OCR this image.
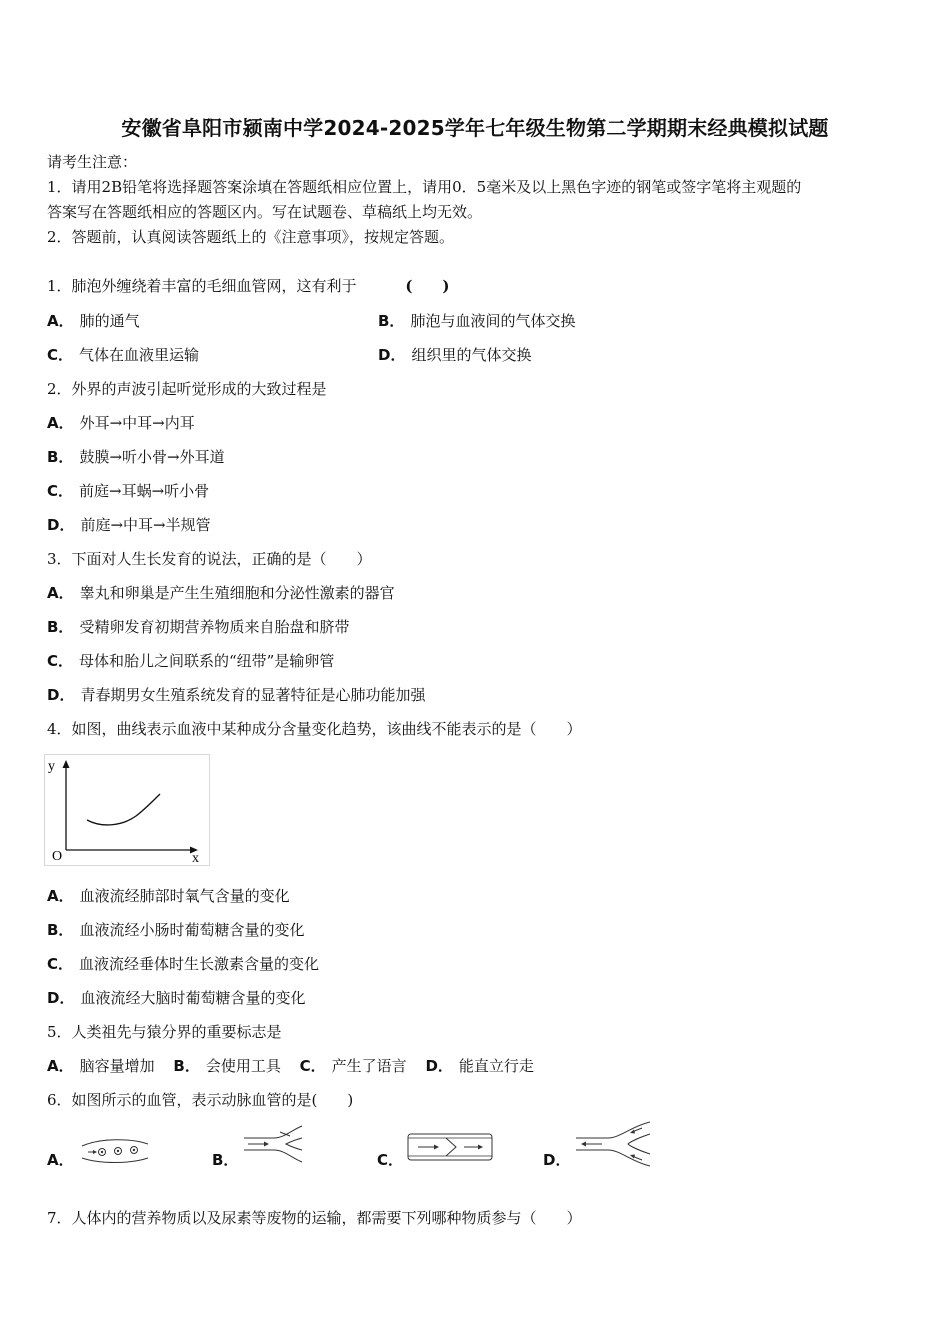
安徽省阜阳市颍南中学2024-2025学年七年级生物第二学期期末经典模拟试题
请考生注意：
1．请用2B铅笔将选择题答案涂填在答题纸相应位置上，请用0．5毫米及以上黑色字迹的钢笔或签字笔将主观题的
答案写在答题纸相应的答题区内。写在试题卷、草稿纸上均无效。
2．答题前，认真阅读答题纸上的《注意事项》，按规定答题。
1．肺泡外缠绕着丰富的毛细血管网，这有利于	(　　)
A． 肺的通气	B． 肺泡与血液间的气体交换
C． 气体在血液里运输	D． 组织里的气体交换
2．外界的声波引起听觉形成的大致过程是
A． 外耳→中耳→内耳
B． 鼓膜→听小骨→外耳道
C． 前庭→耳蜗→听小骨
D． 前庭→中耳→半规管
3．下面对人生长发育的说法，正确的是（　　）
A． 睾丸和卵巢是产生生殖细胞和分泌性激素的器官
B． 受精卵发育初期营养物质来自胎盘和脐带
C． 母体和胎儿之间联系的“纽带”是输卵管
D． 青春期男女生殖系统发育的显著特征是心肺功能加强
4．如图，曲线表示血液中某种成分含量变化趋势，该曲线不能表示的是（　　）
y
x
O
A． 血液流经肺部时氧气含量的变化
B． 血液流经小肠时葡萄糖含量的变化
C． 血液流经垂体时生长激素含量的变化
D． 血液流经大脑时葡萄糖含量的变化
5．人类祖先与猿分界的重要标志是
A． 脑容量增加 B． 会使用工具 C． 产生了语言 D． 能直立行走
6．如图所示的血管，表示动脉血管的是(　　)
A．	B．	C．	D．
7．人体内的营养物质以及尿素等废物的运输，都需要下列哪种物质参与（　　）
